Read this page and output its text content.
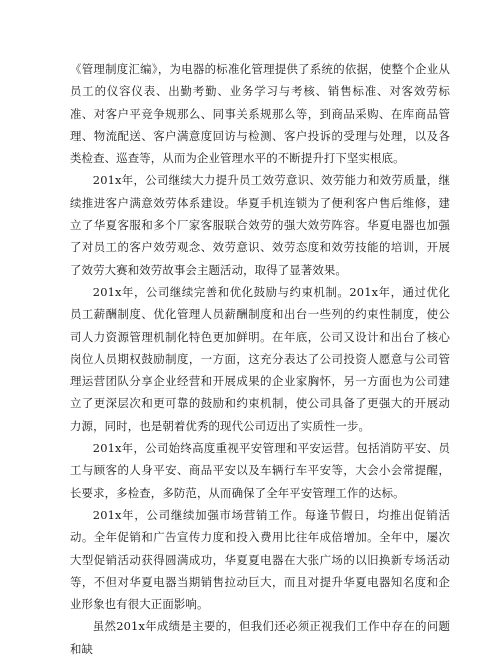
《管理制度汇编》，为电器的标准化管理提供了系统的依据，使整个企业从员工的仪容仪表、出勤考勤、业务学习与考核、销售标准、对客效劳标准、对客户平竞争规那么、同事关系规那么等，到商品采购、在库商品管理、物流配送、客户满意度回访与检测、客户投诉的受理与处理，以及各类检查、巡查等，从而为企业管理水平的不断提升打下坚实根底。

201x年，公司继续大力提升员工效劳意识、效劳能力和效劳质量，继续推进客户满意效劳体系建设。华夏手机连锁为了便利客户售后维修，建立了华夏客服和多个厂家客服联合效劳的强大效劳阵容。华夏电器也加强了对员工的客户效劳观念、效劳意识、效劳态度和效劳技能的培训，开展了效劳大赛和效劳故事会主题活动，取得了显著效果。

201x年，公司继续完善和优化鼓励与约束机制。201x年，通过优化员工薪酬制度、优化管理人员薪酬制度和出台一些列的约束性制度，使公司人力资源管理机制化特色更加鲜明。在年底，公司又设计和出台了核心岗位人员期权鼓励制度，一方面，这充分表达了公司投资人愿意与公司管理运营团队分享企业经营和开展成果的企业家胸怀，另一方面也为公司建立了更深层次和更可靠的鼓励和约束机制，使公司具备了更强大的开展动力源，同时，也是朝着优秀的现代公司迈出了实质性一步。

201x年，公司始终高度重视平安管理和平安运营。包括消防平安、员工与顾客的人身平安、商品平安以及车辆行车平安等，大会小会常提醒，长要求，多检查，多防范，从而确保了全年平安管理工作的达标。

201x年，公司继续加强市场营销工作。每逢节假日，均推出促销活动。全年促销和广告宣传力度和投入费用比往年成倍增加。全年中，屡次大型促销活动获得圆满成功，华夏夏电器在大张广场的以旧换新专场活动等，不但对华夏电器当期销售拉动巨大，而且对提升华夏电器知名度和企业形象也有很大正面影响。

虽然201x年成绩是主要的，但我们还必须正视我们工作中存在的问题和缺
